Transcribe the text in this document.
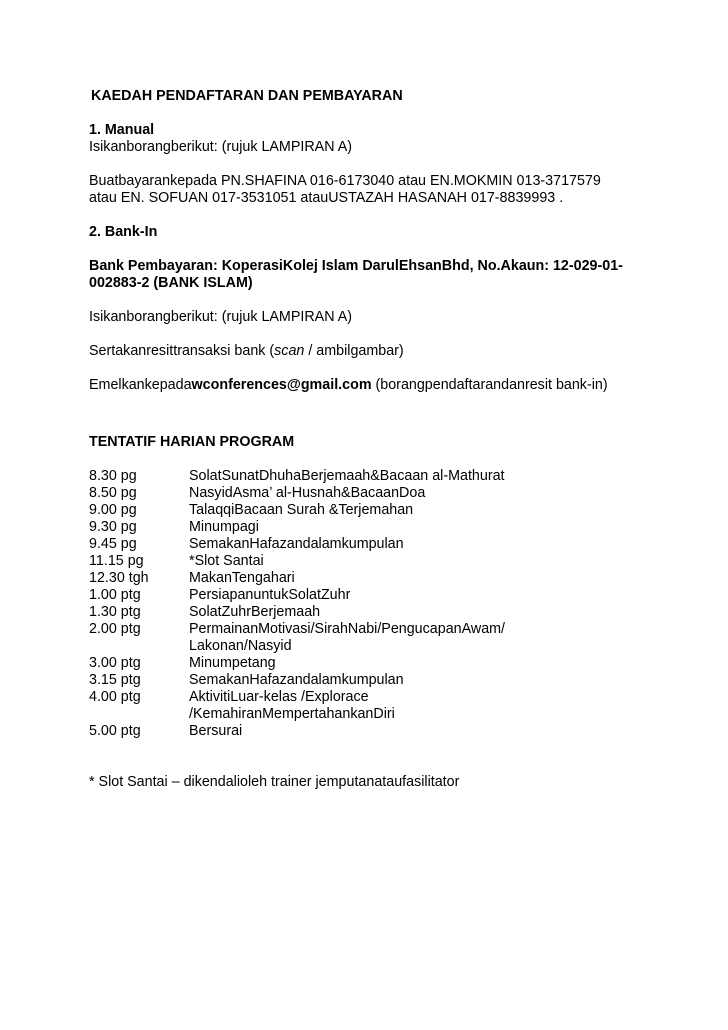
KAEDAH PENDAFTARAN DAN PEMBAYARAN

1. Manual

Isikanborangberikut: (rujuk LAMPIRAN A)

Buatbayarankepada PN.SHAFINA 016-6173040 atau EN.MOKMIN 013-3717579

atau EN. SOFUAN 017-3531051 atauUSTAZAH HASANAH 017-8839993 .

2. Bank-In

Bank Pembayaran: KoperasiKolej Islam DarulEhsanBhd, No.Akaun: 12-029-01-

002883-2 (BANK ISLAM)

Isikanborangberikut: (rujuk LAMPIRAN A)

Sertakanresittransaksi bank (scan / ambilgambar)

Emelkankepadawconferences@gmail.com (borangpendaftarandanresit bank-in)

TENTATIF HARIAN PROGRAM

8.30 pg	SolatSunatDhuhaBerjemaah&Bacaan al-Mathurat
8.50 pg	NasyidAsma’ al-Husnah&BacaanDoa
9.00 pg	TalaqqiBacaan Surah &Terjemahan
9.30 pg	Minumpagi
9.45 pg	SemakanHafazandalamkumpulan
11.15 pg	*Slot Santai
12.30 tgh	MakanTengahari
1.00 ptg	PersiapanuntukSolatZuhr
1.30 ptg	SolatZuhrBerjemaah
2.00 ptg	PermainanMotivasi/SirahNabi/PengucapanAwam/
Lakonan/Nasyid
3.00 ptg	Minumpetang
3.15 ptg	SemakanHafazandalamkumpulan
4.00 ptg	AktivitiLuar-kelas /Explorace
/KemahiranMempertahankanDiri
5.00 ptg	Bersurai

* Slot Santai – dikendalioleh trainer jemputanataufasilitator
